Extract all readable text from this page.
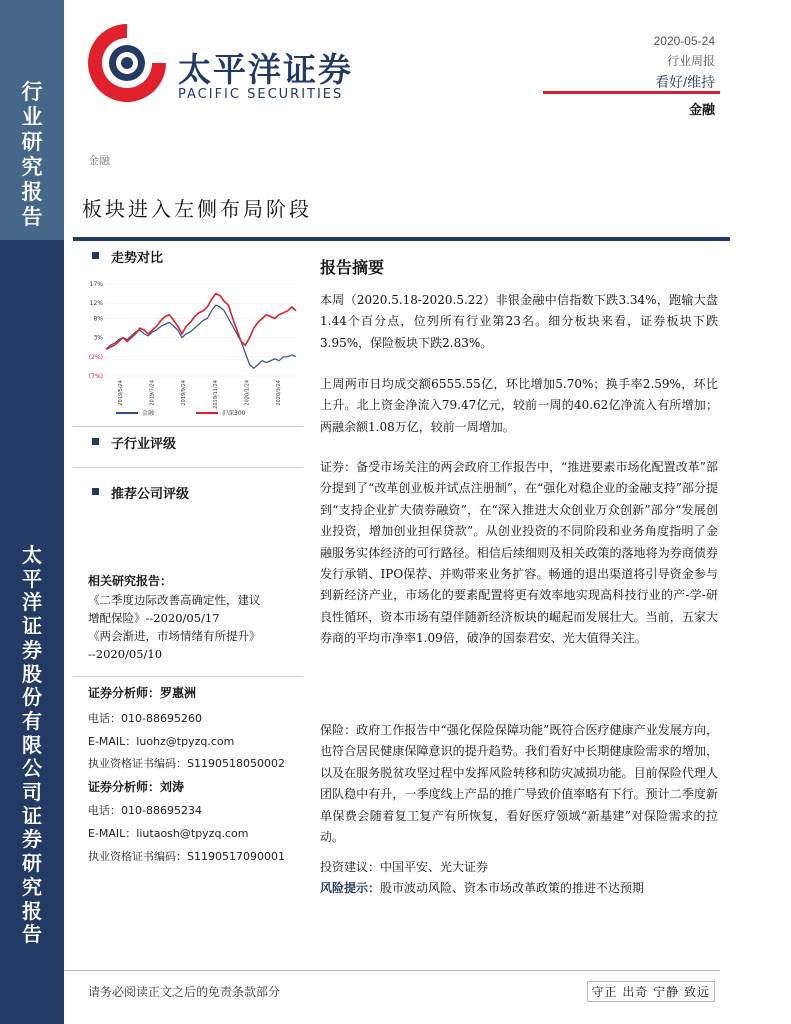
行
业
研
究
报
告
太
平
洋
证
券
股
份
有
限
公
司
证
券
研
究
报
告
太平洋证券
PACIFIC SECURITIES
2020-05-24
行业周报
看好/维持
金融
金融
板块进入左侧布局阶段
走势对比
17%
12%
8%
3%
(2%)
(7%)
2019/5/24	2019/7/24	2019/9/24	2019/11/24	2020/1/24	2020/3/24
金融	沪深300
子行业评级
推荐公司评级
相关研究报告：
《二季度边际改善高确定性，建议
增配保险》--2020/05/17
《两会渐进，市场情绪有所提升》
--2020/05/10
证券分析师：罗惠洲
电话：010-88695260
E-MAIL：luohz@tpyzq.com
执业资格证书编码：S1190518050002
证券分析师：刘涛
电话：010-88695234
E-MAIL：liutaosh@tpyzq.com
执业资格证书编码：S1190517090001
报告摘要

本周（2020.5.18-2020.5.22）非银金融中信指数下跌3.34%，跑输大盘1.44个百分点，位列所有行业第23名。细分板块来看，证券板块下跌3.95%，保险板块下跌2.83%。

上周两市日均成交额6555.55亿，环比增加5.70%；换手率2.59%，环比上升。北上资金净流入79.47亿元，较前一周的40.62亿净流入有所增加；两融余额1.08万亿，较前一周增加。

证券：备受市场关注的两会政府工作报告中，“推进要素市场化配置改革”部分提到了“改革创业板并试点注册制”，在“强化对稳企业的金融支持”部分提到“支持企业扩大债券融资”，在“深入推进大众创业万众创新”部分“发展创业投资，增加创业担保贷款”。从创业投资的不同阶段和业务角度指明了金融服务实体经济的可行路径。相信后续细则及相关政策的落地将为券商债券发行承销、IPO保荐、并购带来业务扩容。畅通的退出渠道将引导资金参与到新经济产业，市场化的要素配置将更有效率地实现高科技行业的产-学-研良性循环，资本市场有望伴随新经济板块的崛起而发展壮大。当前，五家大券商的平均市净率1.09倍，破净的国泰君安、光大值得关注。

保险：政府工作报告中“强化保险保障功能”既符合医疗健康产业发展方向，也符合居民健康保障意识的提升趋势。我们看好中长期健康险需求的增加，以及在服务脱贫攻坚过程中发挥风险转移和防灾减损功能。目前保险代理人团队稳中有升，一季度线上产品的推广导致价值率略有下行。预计二季度新单保费会随着复工复产有所恢复，看好医疗领域“新基建”对保险需求的拉动。

投资建议：中国平安、光大证券

风险提示：股市波动风险、资本市场改革政策的推进不达预期

请务必阅读正文之后的免责条款部分	守正 出奇 宁静 致远
